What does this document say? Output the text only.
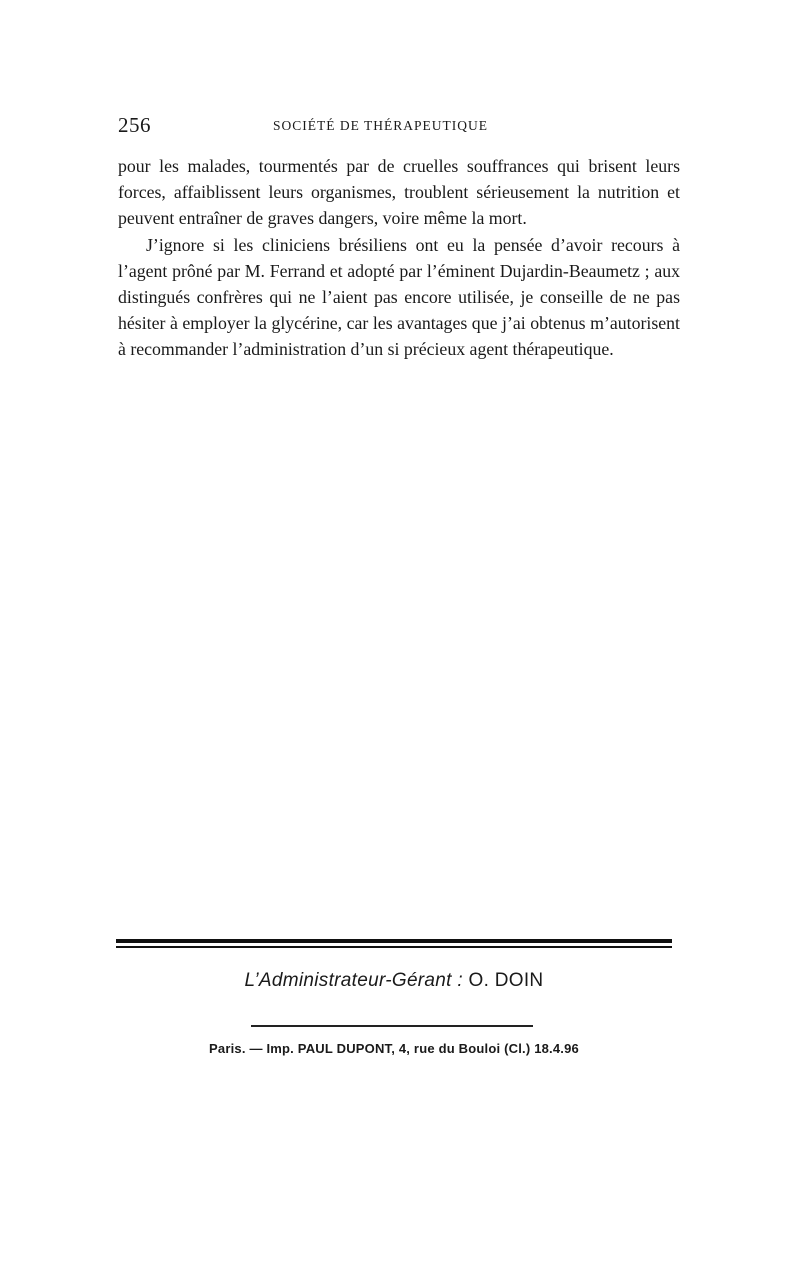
256	SOCIÉTÉ DE THÉRAPEUTIQUE

pour les malades, tourmentés par de cruelles souffrances qui brisent leurs forces, affaiblissent leurs organismes, troublent sérieusement la nutrition et peuvent entraîner de graves dangers, voire même la mort.

J’ignore si les cliniciens brésiliens ont eu la pensée d’avoir recours à l’agent prôné par M. Ferrand et adopté par l’éminent Dujardin-Beaumetz ; aux distingués confrères qui ne l’aient pas encore utilisée, je conseille de ne pas hésiter à employer la glycérine, car les avantages que j’ai obtenus m’autorisent à recommander l’administration d’un si précieux agent thérapeutique.

L’Administrateur-Gérant : O. DOIN
Paris. — Imp. PAUL DUPONT, 4, rue du Bouloi (Cl.) 18.4.96
